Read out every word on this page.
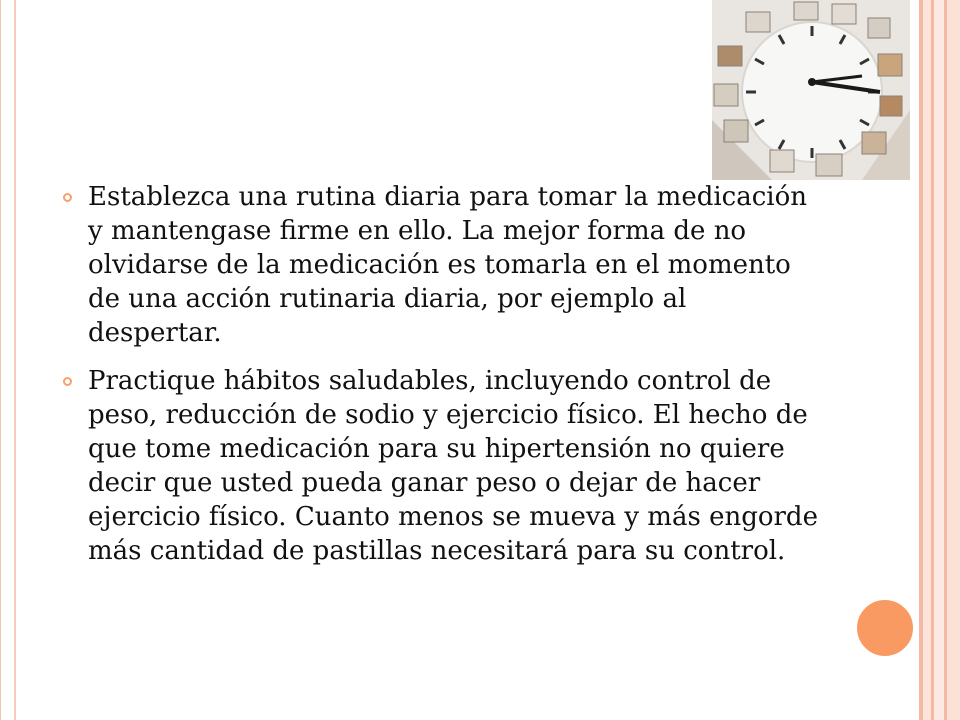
Establezca una rutina diaria para tomar la medicación y mantengase firme en ello. La mejor forma de no olvidarse de la medicación es tomarla en el momento de una acción rutinaria diaria, por ejemplo al despertar.
Practique hábitos saludables, incluyendo control de peso, reducción de sodio y ejercicio físico. El hecho de que tome medicación para su hipertensión no quiere decir que usted pueda ganar peso o dejar de hacer ejercicio físico. Cuanto menos se mueva y más engorde más cantidad de pastillas necesitará para su control.
